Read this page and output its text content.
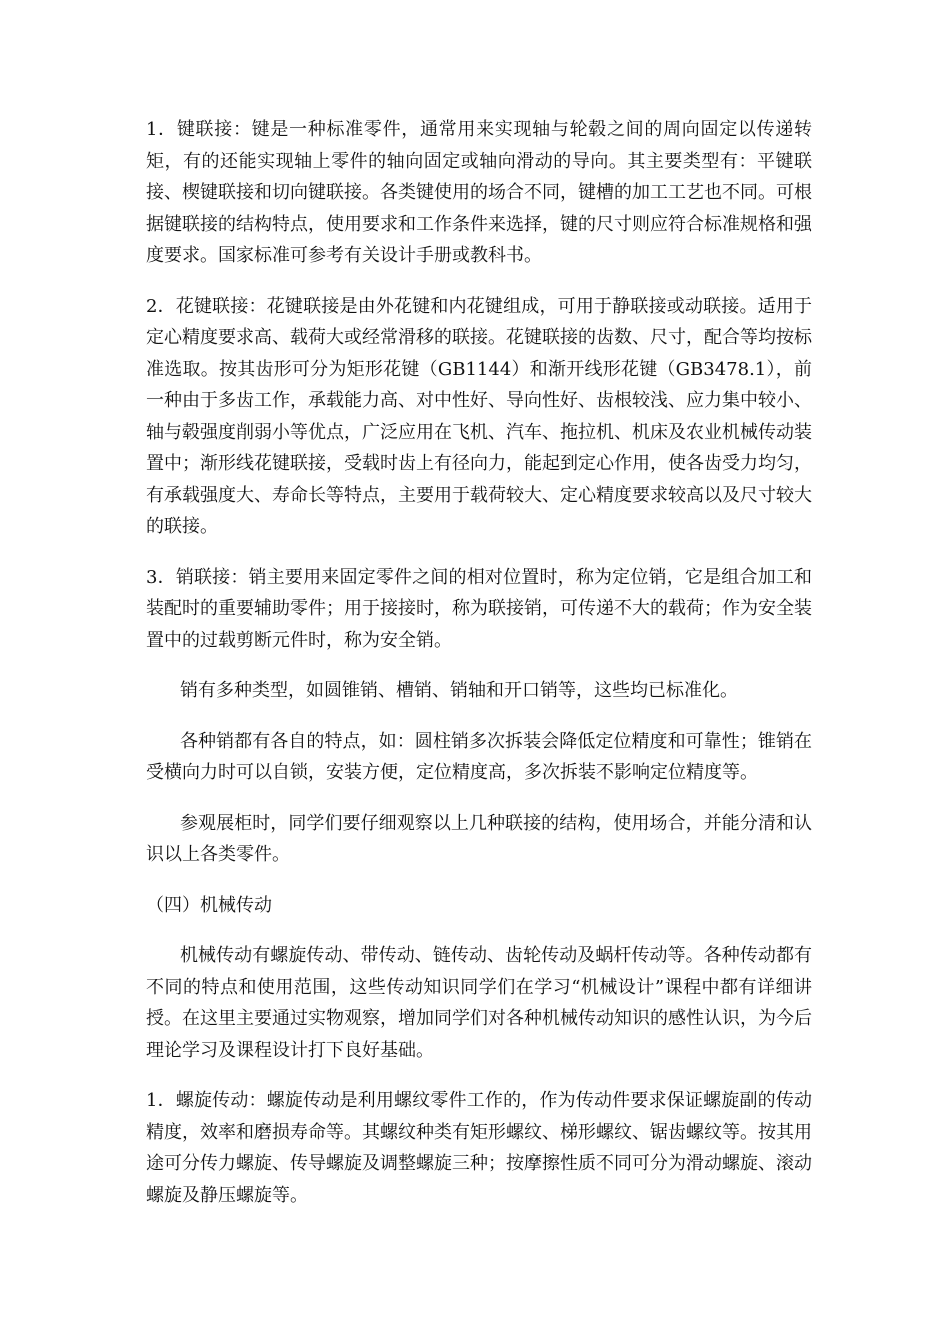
1．键联接：键是一种标准零件，通常用来实现轴与轮毂之间的周向固定以传递转矩，有的还能实现轴上零件的轴向固定或轴向滑动的导向。其主要类型有：平键联接、楔键联接和切向键联接。各类键使用的场合不同，键槽的加工工艺也不同。可根据键联接的结构特点，使用要求和工作条件来选择，键的尺寸则应符合标准规格和强度要求。国家标准可参考有关设计手册或教科书。

2．花键联接：花键联接是由外花键和内花键组成，可用于静联接或动联接。适用于定心精度要求高、载荷大或经常滑移的联接。花键联接的齿数、尺寸，配合等均按标准选取。按其齿形可分为矩形花键（GB1144）和渐开线形花键（GB3478.1），前一种由于多齿工作，承载能力高、对中性好、导向性好、齿根较浅、应力集中较小、轴与毂强度削弱小等优点，广泛应用在飞机、汽车、拖拉机、机床及农业机械传动装置中；渐形线花键联接，受载时齿上有径向力，能起到定心作用，使各齿受力均匀，有承载强度大、寿命长等特点，主要用于载荷较大、定心精度要求较高以及尺寸较大的联接。

3．销联接：销主要用来固定零件之间的相对位置时，称为定位销，它是组合加工和装配时的重要辅助零件；用于接接时，称为联接销，可传递不大的载荷；作为安全装置中的过载剪断元件时，称为安全销。

销有多种类型，如圆锥销、槽销、销轴和开口销等，这些均已标准化。

各种销都有各自的特点，如：圆柱销多次拆装会降低定位精度和可靠性；锥销在受横向力时可以自锁，安装方便，定位精度高，多次拆装不影响定位精度等。

参观展柜时，同学们要仔细观察以上几种联接的结构，使用场合，并能分清和认识以上各类零件。

（四）机械传动

机械传动有螺旋传动、带传动、链传动、齿轮传动及蜗杆传动等。各种传动都有不同的特点和使用范围，这些传动知识同学们在学习“机械设计”课程中都有详细讲授。在这里主要通过实物观察，增加同学们对各种机械传动知识的感性认识，为今后理论学习及课程设计打下良好基础。

1．螺旋传动：螺旋传动是利用螺纹零件工作的，作为传动件要求保证螺旋副的传动精度，效率和磨损寿命等。其螺纹种类有矩形螺纹、梯形螺纹、锯齿螺纹等。按其用途可分传力螺旋、传导螺旋及调整螺旋三种；按摩擦性质不同可分为滑动螺旋、滚动螺旋及静压螺旋等。
